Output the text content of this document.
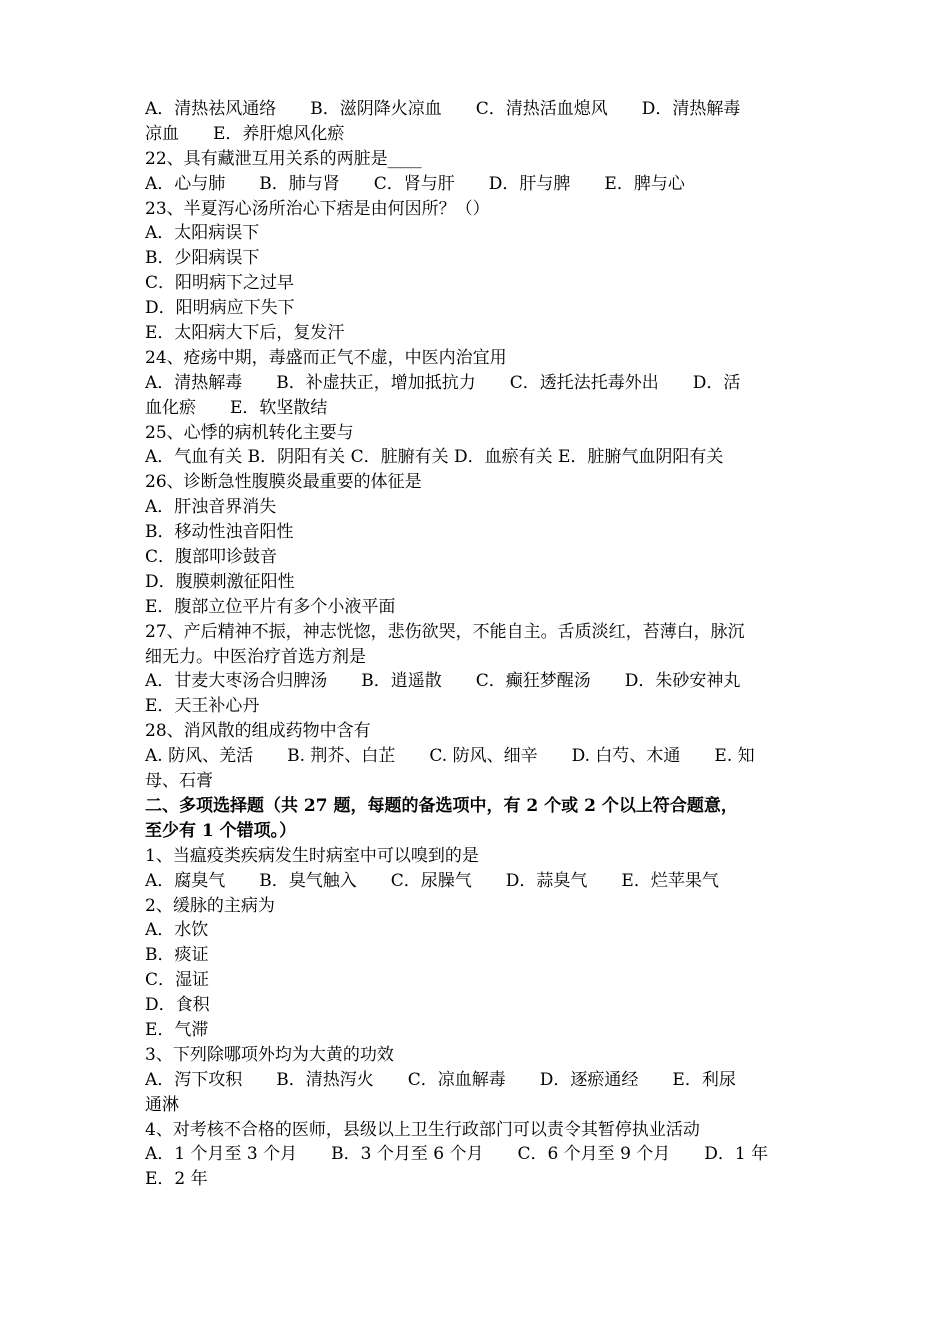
A．清热祛风通络　　B．滋阴降火凉血　　C．清热活血熄风　　D．清热解毒
凉血　　E．养肝熄风化瘀
22、具有藏泄互用关系的两脏是____
A．心与肺　　B．肺与肾　　C．肾与肝　　D．肝与脾　　E．脾与心
23、半夏泻心汤所治心下痞是由何因所？（）
A．太阳病误下
B．少阳病误下
C．阳明病下之过早
D．阳明病应下失下
E．太阳病大下后，复发汗
24、疮疡中期，毒盛而正气不虚，中医内治宜用
A．清热解毒　　B．补虚扶正，增加抵抗力　　C．透托法托毒外出　　D．活
血化瘀　　E．软坚散结
25、心悸的病机转化主要与
A．气血有关 B．阴阳有关 C．脏腑有关 D．血瘀有关 E．脏腑气血阴阳有关
26、诊断急性腹膜炎最重要的体征是
A．肝浊音界消失
B．移动性浊音阳性
C．腹部叩诊鼓音
D．腹膜刺激征阳性
E．腹部立位平片有多个小液平面
27、产后精神不振，神志恍惚，悲伤欲哭，不能自主。舌质淡红，苔薄白，脉沉
细无力。中医治疗首选方剂是
A．甘麦大枣汤合归脾汤　　B．逍遥散　　C．癫狂梦醒汤　　D．朱砂安神丸
E．天王补心丹
28、消风散的组成药物中含有
A. 防风、羌活　　B. 荆芥、白芷　　C. 防风、细辛　　D. 白芍、木通　　E. 知
母、石膏
二、多项选择题（共 27 题，每题的备选项中，有 2 个或 2 个以上符合题意，
至少有 1 个错项。）
1、当瘟疫类疾病发生时病室中可以嗅到的是
A．腐臭气　　B．臭气触入　　C．尿臊气　　D．蒜臭气　　E．烂苹果气
2、缓脉的主病为
A．水饮
B．痰证
C．湿证
D．食积
E．气滞
3、下列除哪项外均为大黄的功效
A．泻下攻积　　B．清热泻火　　C．凉血解毒　　D．逐瘀通经　　E．利尿
通淋
4、对考核不合格的医师，县级以上卫生行政部门可以责令其暂停执业活动
A．1 个月至 3 个月　　B．3 个月至 6 个月　　C．6 个月至 9 个月　　D．1 年
E．2 年
